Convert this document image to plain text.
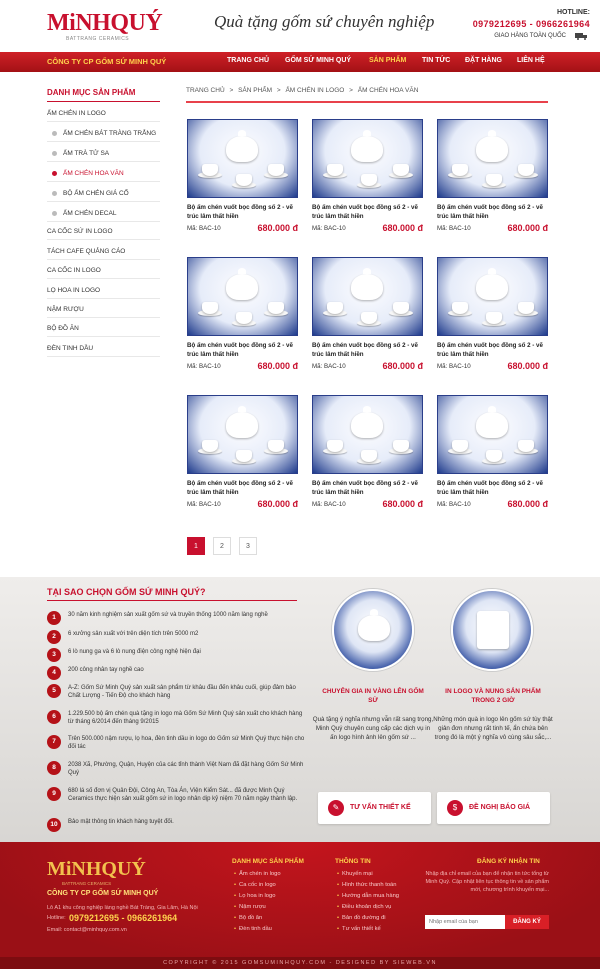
MiNHQUÝ
BATTRANG CERAMICS
Quà tặng gốm sứ chuyên nghiệp	HOTLINE:
0979212695 - 0966261964
GIAO HÀNG TOÀN QUỐC
CÔNG TY CP GỐM SỨ MINH QUÝ	TRANG CHỦ GỐM SỨ MINH QUÝ	SẢN PHẨM TIN TỨC ĐẶT HÀNG LIÊN HỆ
DANH MỤC SẢN PHẨM
ẤM CHÉN IN LOGO
ẤM CHÉN BÁT TRÀNG TRẮNG
ẤM TRÀ TỬ SA
ẤM CHÉN HOA VĂN
BỘ ẤM CHÉN GIÁ CỔ
ẤM CHÉN DECAL
CA CỐC SỨ IN LOGO
TÁCH CAFE QUẢNG CÁO
CA CỐC IN LOGO
LỌ HOA IN LOGO
NẬM RƯỢU
BỘ ĐỒ ĂN
ĐÈN TINH DẦU
TRANG CHỦ > SẢN PHẨM > ẤM CHÉN IN LOGO > ẤM CHÉN HOA VĂN
Bộ ấm chén vuốt bọc đồng số 2 - vẽ trúc lâm thất hiền
Mã: BAC-10	680.000 đ
Bộ ấm chén vuốt bọc đồng số 2 - vẽ trúc lâm thất hiền
Mã: BAC-10	680.000 đ
Bộ ấm chén vuốt bọc đồng số 2 - vẽ trúc lâm thất hiền
Mã: BAC-10	680.000 đ
Bộ ấm chén vuốt bọc đồng số 2 - vẽ trúc lâm thất hiền
Mã: BAC-10	680.000 đ
Bộ ấm chén vuốt bọc đồng số 2 - vẽ trúc lâm thất hiền
Mã: BAC-10	680.000 đ
Bộ ấm chén vuốt bọc đồng số 2 - vẽ trúc lâm thất hiền
Mã: BAC-10	680.000 đ
Bộ ấm chén vuốt bọc đồng số 2 - vẽ trúc lâm thất hiền
Mã: BAC-10	680.000 đ
Bộ ấm chén vuốt bọc đồng số 2 - vẽ trúc lâm thất hiền
Mã: BAC-10	680.000 đ
Bộ ấm chén vuốt bọc đồng số 2 - vẽ trúc lâm thất hiền
Mã: BAC-10	680.000 đ
1	2	3
TẠI SAO CHỌN GỐM SỨ MINH QUÝ?
1	30 năm kinh nghiệm sản xuất gốm sứ và truyền thống 1000 năm làng nghề
2	6 xưởng sản xuất với trên diện tích trên 5000 m2
3	6 lò nung ga và 6 lò nung điện công nghệ hiện đại
4	200 công nhân tay nghề cao
5	A-Z: Gốm Sứ Minh Quý sản xuất sản phẩm từ khâu đầu đến khâu cuối, giúp đảm bảo Chất Lượng - Tiến Độ cho khách hàng
6	1.229.500 bộ ấm chén quà tặng in logo mà Gốm Sứ Minh Quý sản xuất cho khách hàng từ tháng 6/2014 đến tháng 9/2015
7	Trên 500.000 nậm rượu, lọ hoa, đèn tinh dầu in logo do Gốm sứ Minh Quý thực hiện cho đối tác
8	2038 Xã, Phường, Quận, Huyện của các tỉnh thành Việt Nam đã đặt hàng Gốm Sứ Minh Quý
9	680 lá số đơn vị Quân Đội, Công An, Tòa Án, Viện Kiểm Sát... đã được Minh Quý Ceramics thực hiện sản xuất gốm sứ in logo nhân dịp kỷ niệm 70 năm ngày thành lập.
10	Bảo mật thông tin khách hàng tuyệt đối.
CHUYÊN GIA IN VÀNG LÊN GỐM SỨ
Quà tặng ý nghĩa nhưng vẫn rất sang trọng, Minh Quý chuyên cung cấp các dịch vụ in ấn logo hình ảnh lên gốm sứ ...
IN LOGO VÀ NUNG SẢN PHẨM TRONG 2 GIỜ
Những món quà in logo lên gốm sứ tùy thật giản đơn nhưng rất tinh tế, ẩn chứa bên trong đó là một ý nghĩa vô cùng sâu sắc,...
✎	TƯ VẤN THIẾT KẾ	$	ĐỀ NGHỊ BÁO GIÁ
MiNHQUÝ
BATTRANG CERAMICS
CÔNG TY CP GỐM SỨ MINH QUÝ
Lô A1 khu công nghiệp làng nghề Bát Tràng, Gia Lâm, Hà Nội
Hotline: 0979212695 - 0966261964
Email: contact@minhquy.com.vn
DANH MỤC SẢN PHẨM
• Ấm chén in logo
• Ca cốc in logo
• Lọ hoa in logo
• Nậm rượu
• Bộ đồ ăn
• Đèn tinh dầu
THÔNG TIN
• Khuyến mại
• Hình thức thanh toán
• Hướng dẫn mua hàng
• Điều khoản dịch vụ
• Bản đồ đường đi
• Tư vấn thiết kế
ĐĂNG KÝ NHẬN TIN
Nhập địa chỉ email của bạn để nhận tin tức tổng từ Minh Quý. Cập nhật liên tục thông tin về sản phẩm mới, chương trình khuyến mại...
Nhập email của bạn
ĐĂNG KÝ
COPYRIGHT © 2015 GOMSUMINHQUY.COM - DESIGNED BY SIEWEB.VN
